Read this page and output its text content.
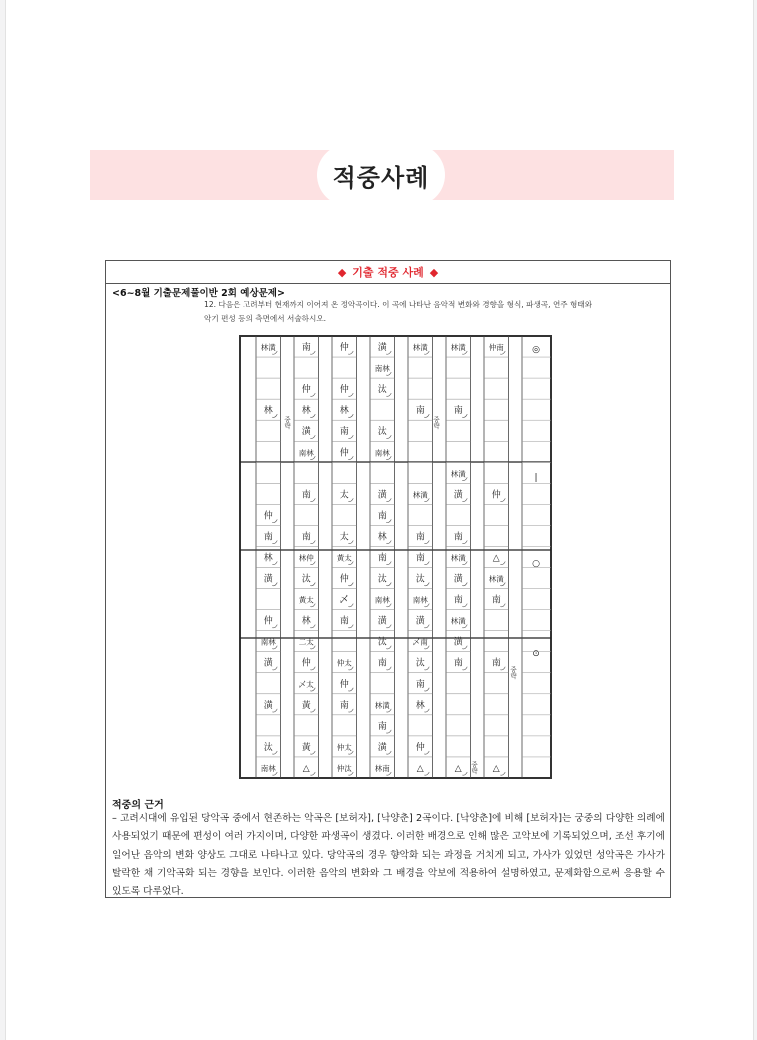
적중사례
◆ 기출 적중 사례 ◆
<6~8월 기출문제풀이반 2회 예상문제>
12. 다음은 고려부터 현재까지 이어져 온 정악곡이다. 이 곡에 나타난 음악적 변화와 경향을 형식, 파생곡, 연주 형태와 악기 편성 등의 측면에서 서술하시오.
林潢
林
仲
南
林
潢
仲
南林
潢
潢
汰
南林
南
仲
林
潢
南林
南
南
林仲
汰
黃太
林
二太
仲
乄太
黃
黃
△
仲
仲
林
南
仲
太
太
黃太
仲
乄
南
仲太
仲
南
仲太
仲汰
潢
南林
汰
汰
南林
潢
南
林
南
汰
南林
潢
汰
南
林潢
南
潢
林南
林潢
南
林潢
南
南
汰
南林
潢
乄南
汰
南
林
仲
△
林潢
南
林潢
潢
南
林潢
潢
南
林潢
潢
南
△
仲南
仲
△
林潢
南
南
△
중략	중략
중략
중략
◎
|
○
⊙
적중의 근거
– 고려시대에 유입된 당악곡 중에서 현존하는 악곡은 [보허자], [낙양춘] 2곡이다. [낙양춘]에 비해 [보허자]는 궁중의 다양한 의례에 사용되었기 때문에 편성이 여러 가지이며, 다양한 파생곡이 생겼다. 이러한 배경으로 인해 많은 고악보에 기록되었으며, 조선 후기에 일어난 음악의 변화 양상도 그대로 나타나고 있다. 당악곡의 경우 향악화 되는 과정을 거치게 되고, 가사가 있었던 성악곡은 가사가 탈락한 채 기악곡화 되는 경향을 보인다. 이러한 음악의 변화와 그 배경을 악보에 적용하여 설명하였고, 문제화함으로써 응용할 수 있도록 다루었다.
